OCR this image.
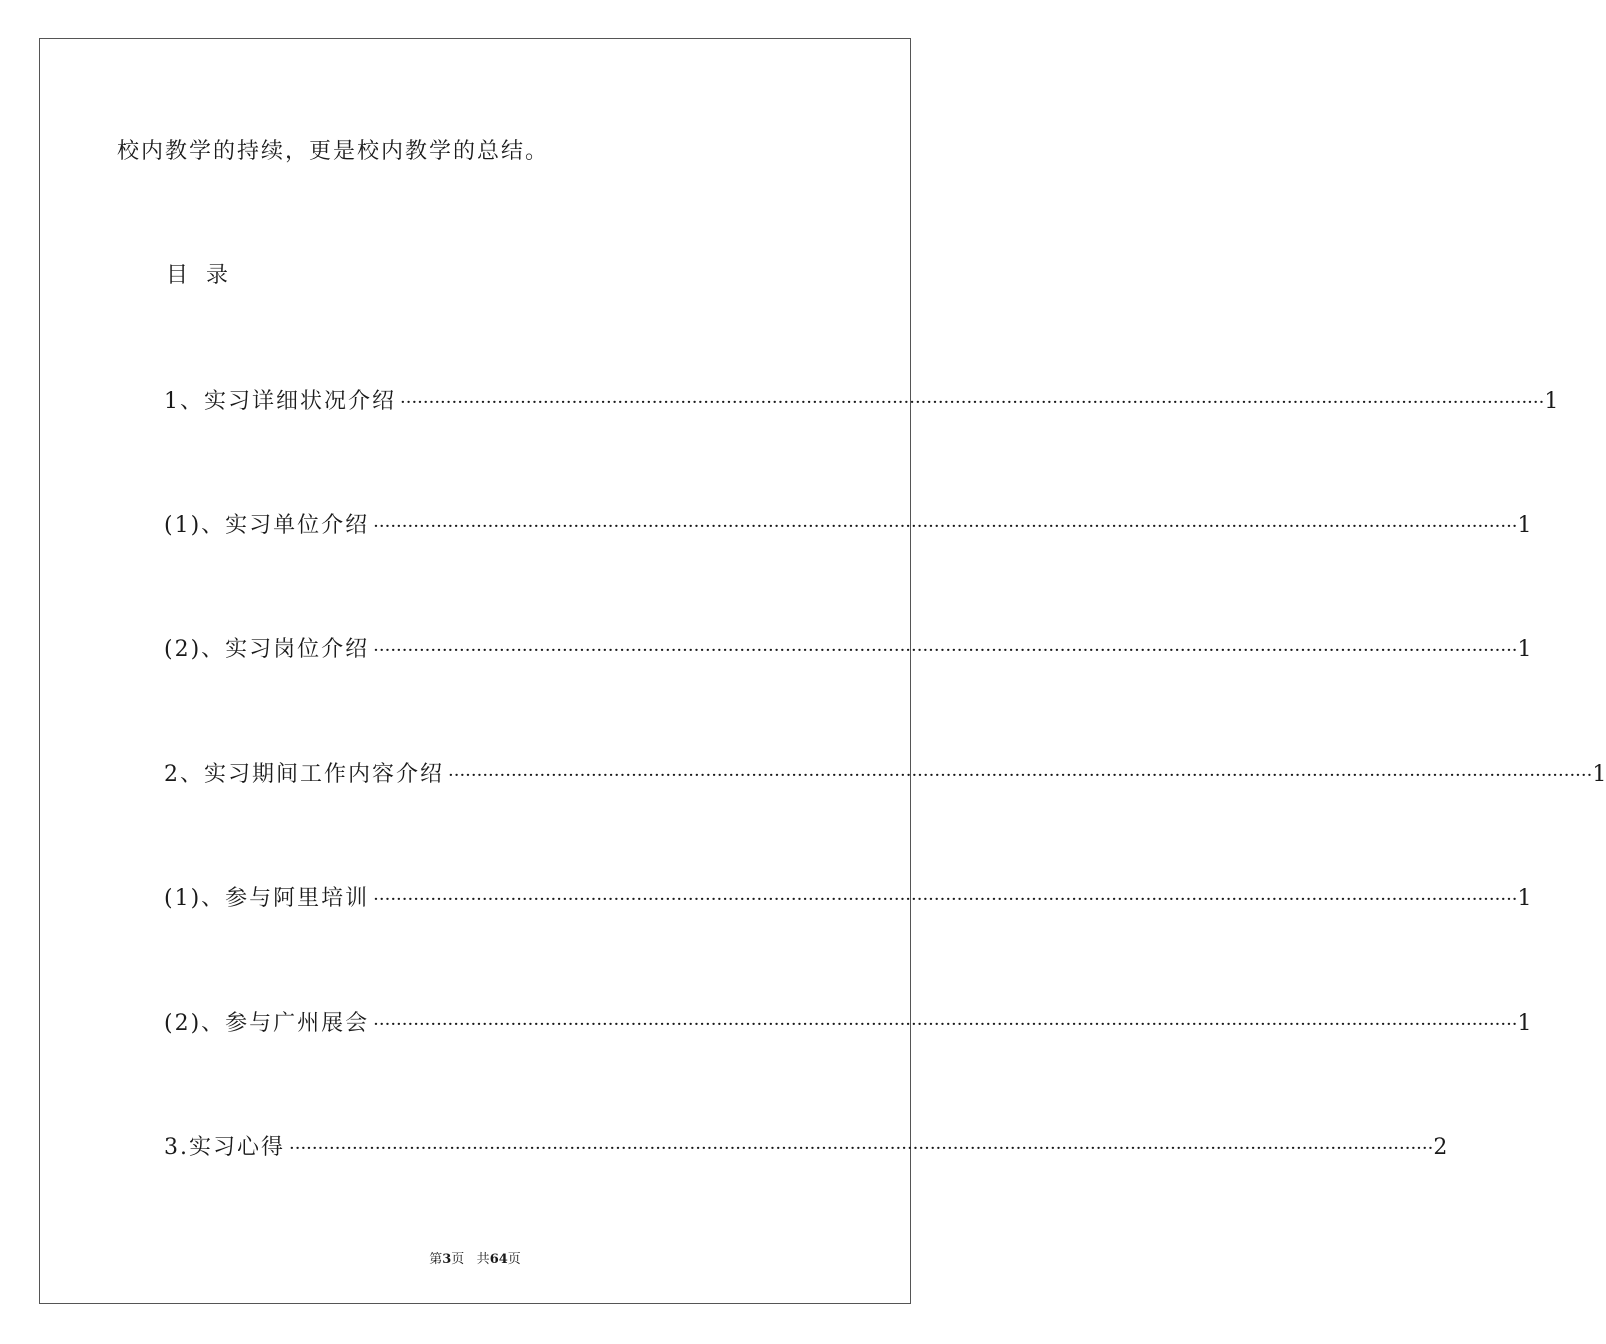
校内教学的持续，更是校内教学的总结。
目 录
1、实习详细状况介绍 ········································································································································································································ 1
(1)、实习单位介绍 ········································································································································································································ 1
(2)、实习岗位介绍 ········································································································································································································ 1
2、实习期间工作内容介绍 ········································································································································································································ 1
(1)、参与阿里培训 ········································································································································································································ 1
(2)、参与广州展会 ········································································································································································································ 1
3.实习心得 ········································································································································································································ 2
第3页 共64页
